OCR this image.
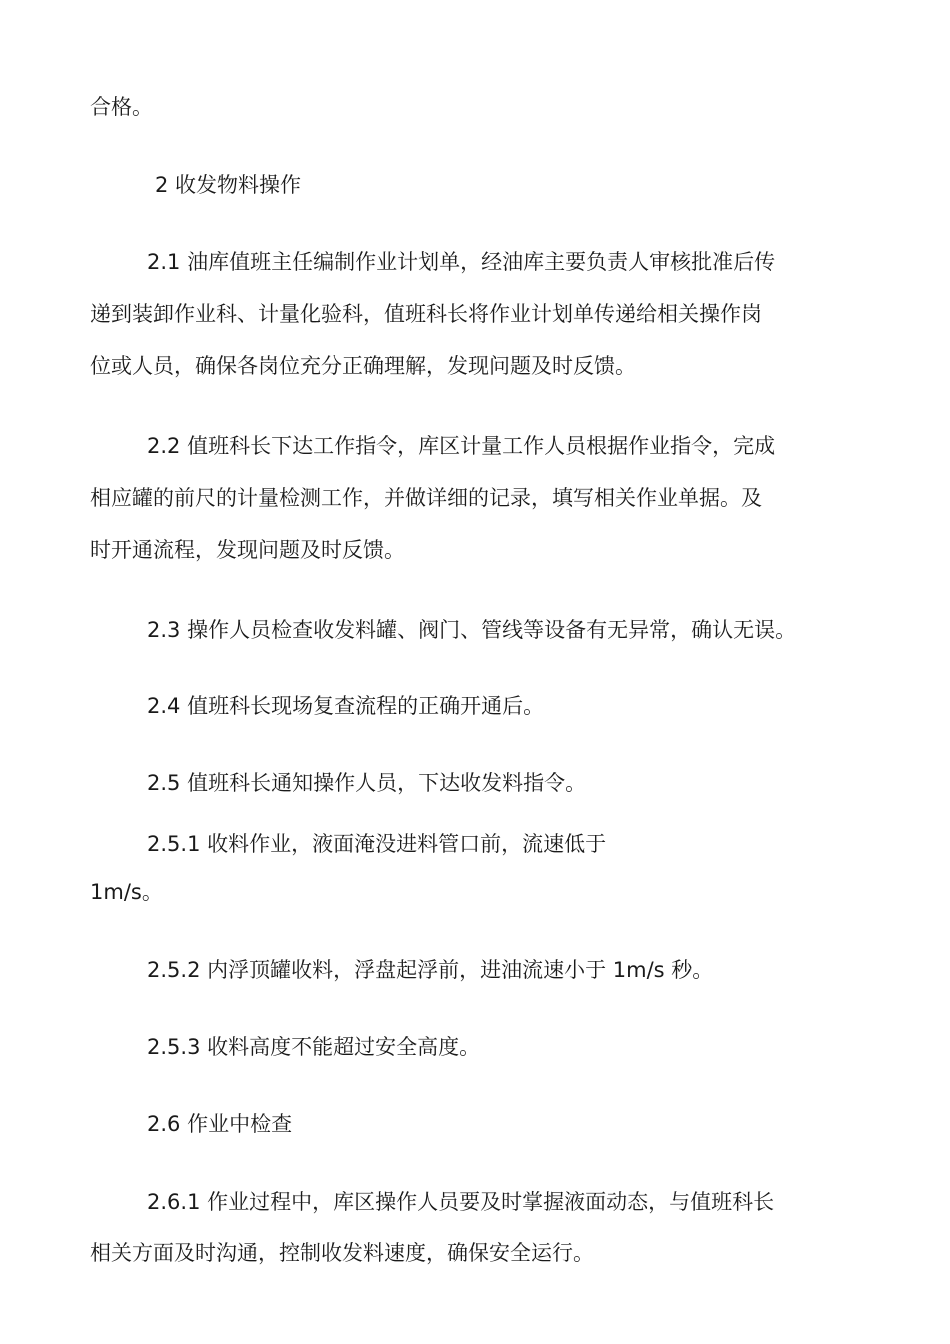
合格。

2 收发物料操作

2.1 油库值班主任编制作业计划单，经油库主要负责人审核批准后传

递到装卸作业科、计量化验科，值班科长将作业计划单传递给相关操作岗

位或人员，确保各岗位充分正确理解，发现问题及时反馈。

2.2 值班科长下达工作指令，库区计量工作人员根据作业指令，完成

相应罐的前尺的计量检测工作，并做详细的记录，填写相关作业单据。及

时开通流程，发现问题及时反馈。

2.3 操作人员检查收发料罐、阀门、管线等设备有无异常，确认无误。

2.4 值班科长现场复查流程的正确开通后。

2.5 值班科长通知操作人员，下达收发料指令。

2.5.1 收料作业，液面淹没进料管口前，流速低于

1m/s。

2.5.2 内浮顶罐收料，浮盘起浮前，进油流速小于 1m/s 秒。

2.5.3 收料高度不能超过安全高度。

2.6 作业中检查

2.6.1 作业过程中，库区操作人员要及时掌握液面动态，与值班科长

相关方面及时沟通，控制收发料速度，确保安全运行。
